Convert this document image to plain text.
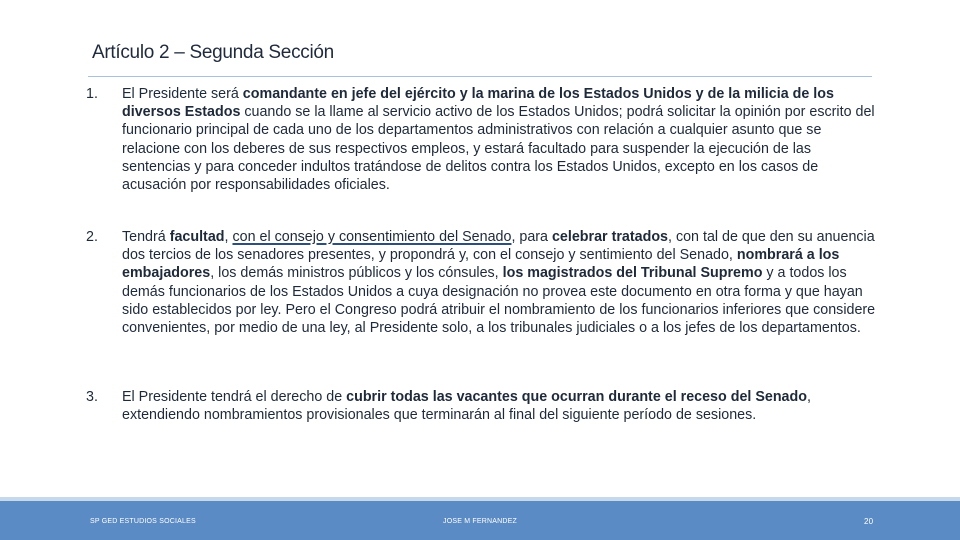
Artículo 2 – Segunda Sección
1.	El Presidente será comandante en jefe del ejército y la marina de los Estados Unidos y de la milicia de los diversos Estados cuando se la llame al servicio activo de los Estados Unidos; podrá solicitar la opinión por escrito del funcionario principal de cada uno de los departamentos administrativos con relación a cualquier asunto que se relacione con los deberes de sus respectivos empleos, y estará facultado para suspender la ejecución de las sentencias y para conceder indultos tratándose de delitos contra los Estados Unidos, excepto en los casos de acusación por responsabilidades oficiales.
2.	Tendrá facultad, con el consejo y consentimiento del Senado, para celebrar tratados, con tal de que den su anuencia dos tercios de los senadores presentes, y propondrá y, con el consejo y sentimiento del Senado, nombrará a los embajadores, los demás ministros públicos y los cónsules, los magistrados del Tribunal Supremo y a todos los demás funcionarios de los Estados Unidos a cuya designación no provea este documento en otra forma y que hayan sido establecidos por ley. Pero el Congreso podrá atribuir el nombramiento de los funcionarios inferiores que considere convenientes, por medio de una ley, al Presidente solo, a los tribunales judiciales o a los jefes de los departamentos.
3.	El Presidente tendrá el derecho de cubrir todas las vacantes que ocurran durante el receso del Senado, extendiendo nombramientos provisionales que terminarán al final del siguiente período de sesiones.
SP GED ESTUDIOS SOCIALES	JOSE M FERNANDEZ	20
